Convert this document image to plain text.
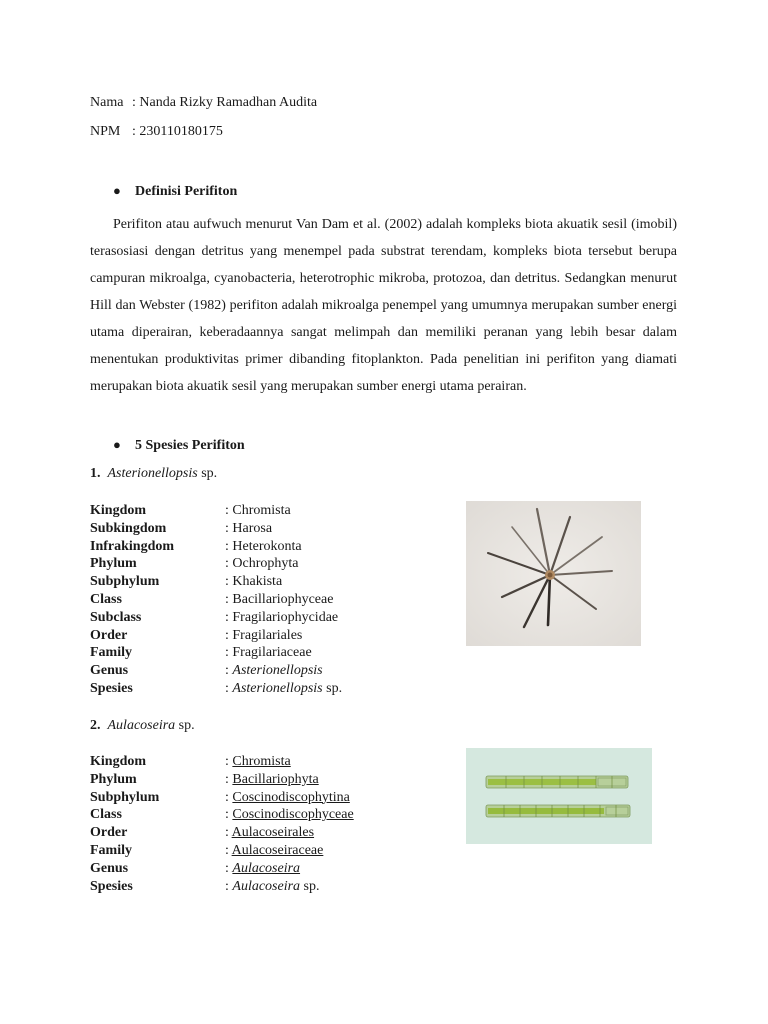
Nama : Nanda Rizky Ramadhan Audita
NPM : 230110180175
● Definisi Perifiton

Perifiton atau aufwuch menurut Van Dam et al. (2002) adalah kompleks biota akuatik sesil (imobil) terasosiasi dengan detritus yang menempel pada substrat terendam, kompleks biota tersebut berupa campuran mikroalga, cyanobacteria, heterotrophic mikroba, protozoa, dan detritus. Sedangkan menurut Hill dan Webster (1982) perifiton adalah mikroalga penempel yang umumnya merupakan sumber energi utama diperairan, keberadaannya sangat melimpah dan memiliki peranan yang lebih besar dalam menentukan produktivitas primer dibanding fitoplankton. Pada penelitian ini perifiton yang diamati merupakan biota akuatik sesil yang merupakan sumber energi utama perairan.

● 5 Spesies Perifiton
1. Asterionellopsis sp.
Kingdom	: Chromista
Subkingdom	: Harosa
Infrakingdom	: Heterokonta
Phylum	: Ochrophyta
Subphylum	: Khakista
Class	: Bacillariophyceae
Subclass	: Fragilariophycidae
Order	: Fragilariales
Family	: Fragilariaceae
Genus	: Asterionellopsis
Spesies	: Asterionellopsis sp.
2. Aulacoseira sp.
Kingdom	: Chromista
Phylum	: Bacillariophyta
Subphylum	: Coscinodiscophytina
Class	: Coscinodiscophyceae
Order	: Aulacoseirales
Family	: Aulacoseiraceae
Genus	: Aulacoseira
Spesies	: Aulacoseira sp.
